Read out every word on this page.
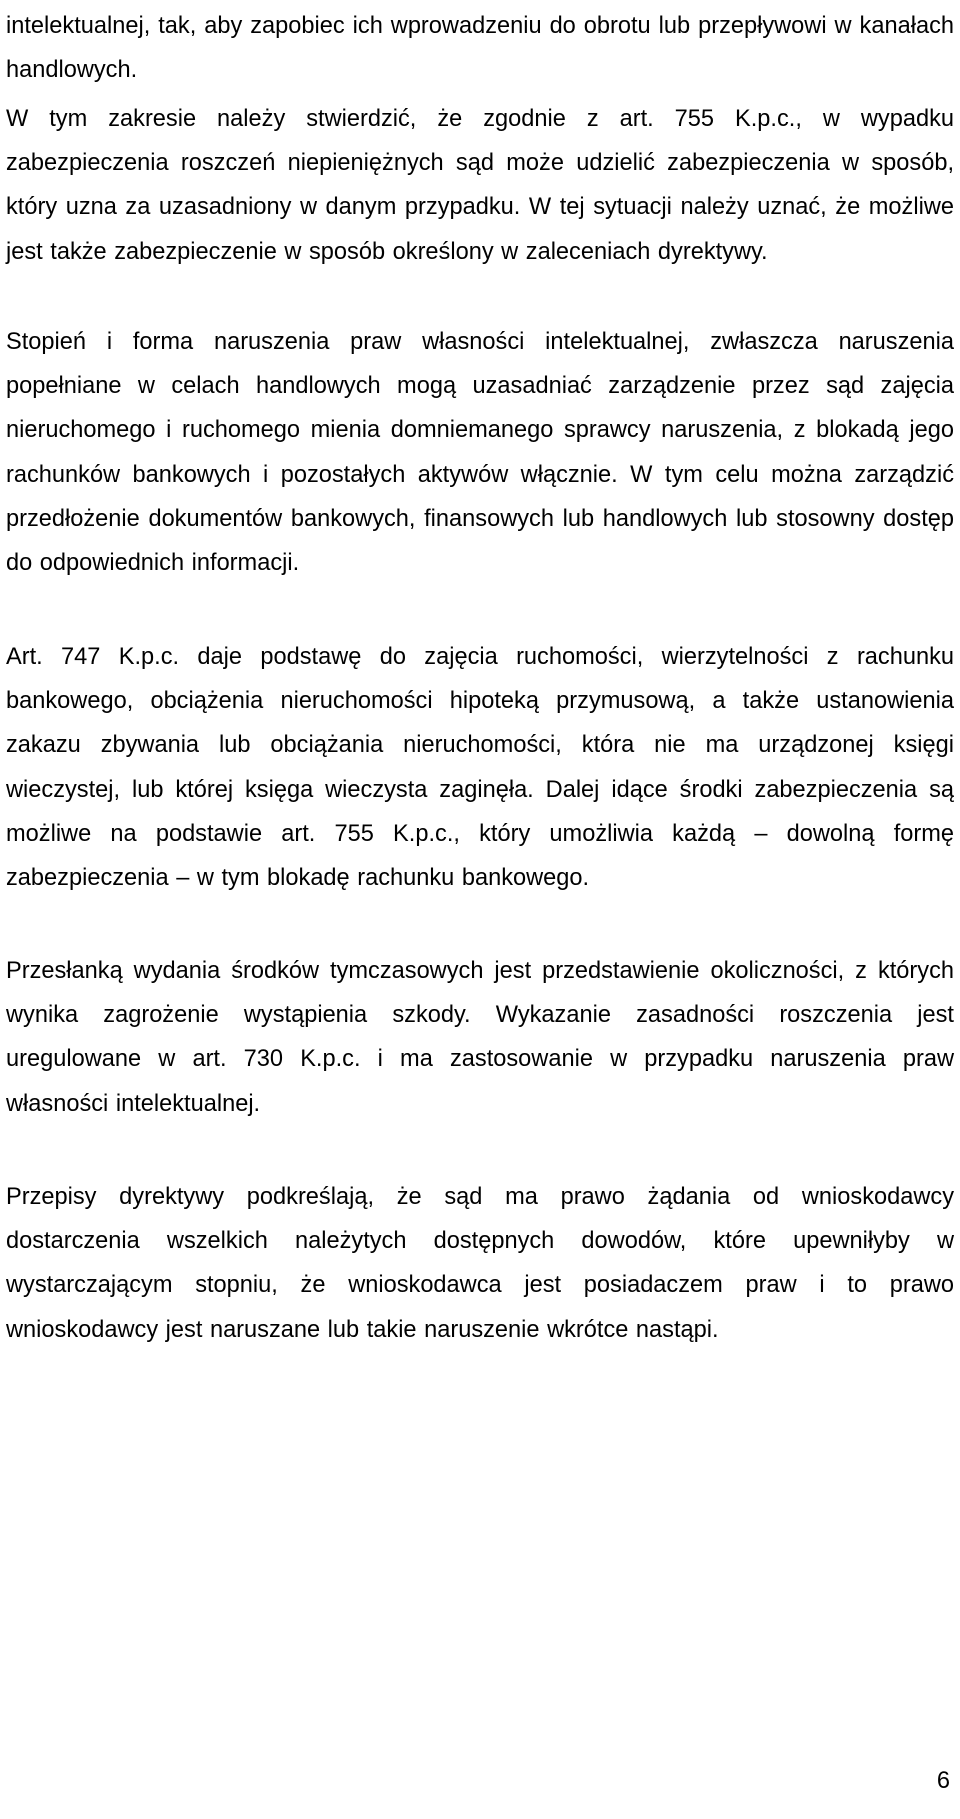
intelektualnej, tak, aby zapobiec ich wprowadzeniu do obrotu lub przepływowi w kanałach handlowych.

W tym zakresie należy stwierdzić, że zgodnie z art. 755 K.p.c., w wypadku zabezpieczenia roszczeń niepieniężnych sąd może udzielić zabezpieczenia w sposób, który uzna za uzasadniony w danym przypadku. W tej sytuacji należy uznać, że możliwe jest także zabezpieczenie w sposób określony w zaleceniach dyrektywy.

Stopień i forma naruszenia praw własności intelektualnej, zwłaszcza naruszenia popełniane w celach handlowych mogą uzasadniać zarządzenie przez sąd zajęcia nieruchomego i ruchomego mienia domniemanego sprawcy naruszenia, z blokadą jego rachunków bankowych i pozostałych aktywów włącznie. W tym celu można zarządzić przedłożenie dokumentów bankowych, finansowych lub handlowych lub stosowny dostęp do odpowiednich informacji.

Art. 747 K.p.c. daje podstawę do zajęcia ruchomości, wierzytelności z rachunku bankowego, obciążenia nieruchomości hipoteką przymusową, a także ustanowienia zakazu zbywania lub obciążania nieruchomości, która nie ma urządzonej księgi wieczystej, lub której księga wieczysta zaginęła. Dalej idące środki zabezpieczenia są możliwe na podstawie art. 755 K.p.c., który umożliwia każdą – dowolną formę zabezpieczenia – w tym blokadę rachunku bankowego.

Przesłanką wydania środków tymczasowych jest przedstawienie okoliczności, z których wynika zagrożenie wystąpienia szkody. Wykazanie zasadności roszczenia jest uregulowane w art. 730 K.p.c. i ma zastosowanie w przypadku naruszenia praw własności intelektualnej.

Przepisy dyrektywy podkreślają, że sąd ma prawo żądania od wnioskodawcy dostarczenia wszelkich należytych dostępnych dowodów, które upewniłyby w wystarczającym stopniu, że wnioskodawca jest posiadaczem praw i to prawo wnioskodawcy jest naruszane lub takie naruszenie wkrótce nastąpi.

6
